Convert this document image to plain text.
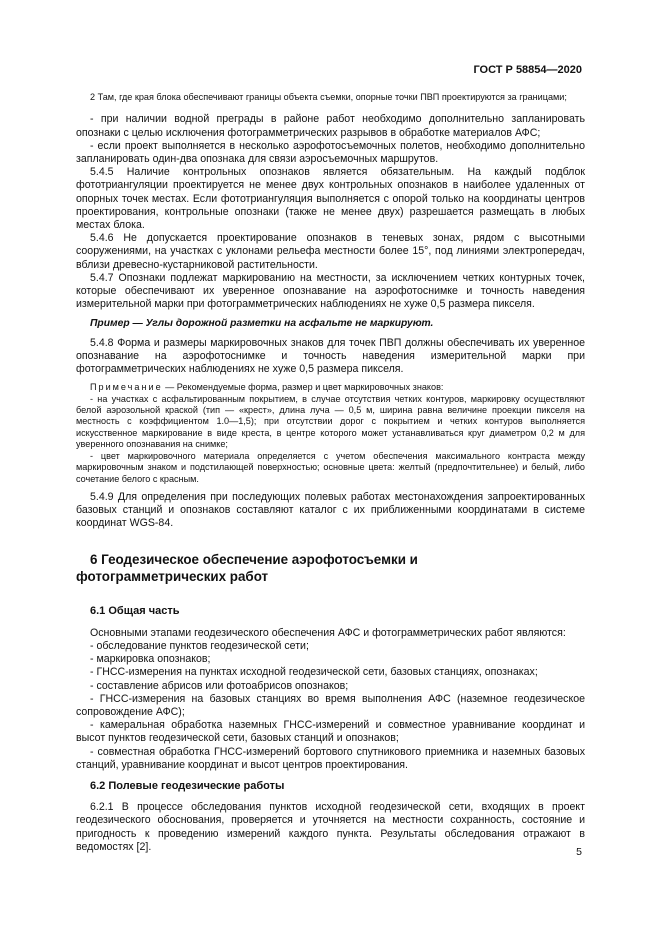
ГОСТ Р 58854—2020

2 Там, где края блока обеспечивают границы объекта съемки, опорные точки ПВП проектируются за границами;

- при наличии водной преграды в районе работ необходимо дополнительно запланировать опознаки с целью исключения фотограмметрических разрывов в обработке материалов АФС;

- если проект выполняется в несколько аэрофотосъемочных полетов, необходимо дополнительно запланировать один-два опознака для связи аэросъемочных маршрутов.

5.4.5 Наличие контрольных опознаков является обязательным. На каждый подблок фототриангуляции проектируется не менее двух контрольных опознаков в наиболее удаленных от опорных точек местах. Если фототриангуляция выполняется с опорой только на координаты центров проектирования, контрольные опознаки (также не менее двух) разрешается размещать в любых местах блока.

5.4.6 Не допускается проектирование опознаков в теневых зонах, рядом с высотными сооружениями, на участках с уклонами рельефа местности более 15°, под линиями электропередач, вблизи древесно-кустарниковой растительности.

5.4.7 Опознаки подлежат маркированию на местности, за исключением четких контурных точек, которые обеспечивают их уверенное опознавание на аэрофотоснимке и точность наведения измерительной марки при фотограмметрических наблюдениях не хуже 0,5 размера пикселя.

Пример — Углы дорожной разметки на асфальте не маркируют.

5.4.8 Форма и размеры маркировочных знаков для точек ПВП должны обеспечивать их уверенное опознавание на аэрофотоснимке и точность наведения измерительной марки при фотограмметрических наблюдениях не хуже 0,5 размера пикселя.

Примечание — Рекомендуемые форма, размер и цвет маркировочных знаков:

- на участках с асфальтированным покрытием, в случае отсутствия четких контуров, маркировку осуществляют белой аэрозольной краской (тип — «крест», длина луча — 0,5 м, ширина равна величине проекции пикселя на местность с коэффициентом 1.0—1,5); при отсутствии дорог с покрытием и четких контуров выполняется искусственное маркирование в виде креста, в центре которого может устанавливаться круг диаметром 0,2 м для уверенного опознавания на снимке;

- цвет маркировочного материала определяется с учетом обеспечения максимального контраста между маркировочным знаком и подстилающей поверхностью; основные цвета: желтый (предпочтительнее) и белый, либо сочетание белого с красным.

5.4.9 Для определения при последующих полевых работах местонахождения запроектированных базовых станций и опознаков составляют каталог с их приближенными координатами в системе координат WGS-84.

6 Геодезическое обеспечение аэрофотосъемки и фотограмметрических работ
6.1 Общая часть

Основными этапами геодезического обеспечения АФС и фотограмметрических работ являются:

- обследование пунктов геодезической сети;

- маркировка опознаков;

- ГНСС-измерения на пунктах исходной геодезической сети, базовых станциях, опознаках;

- составление абрисов или фотоабрисов опознаков;

- ГНСС-измерения на базовых станциях во время выполнения АФС (наземное геодезическое сопровождение АФС);

- камеральная обработка наземных ГНСС-измерений и совместное уравнивание координат и высот пунктов геодезической сети, базовых станций и опознаков;

- совместная обработка ГНСС-измерений бортового спутникового приемника и наземных базовых станций, уравнивание координат и высот центров проектирования.

6.2 Полевые геодезические работы

6.2.1 В процессе обследования пунктов исходной геодезической сети, входящих в проект геодезического обоснования, проверяется и уточняется на местности сохранность, состояние и пригодность к проведению измерений каждого пункта. Результаты обследования отражают в ведомостях [2].	5
